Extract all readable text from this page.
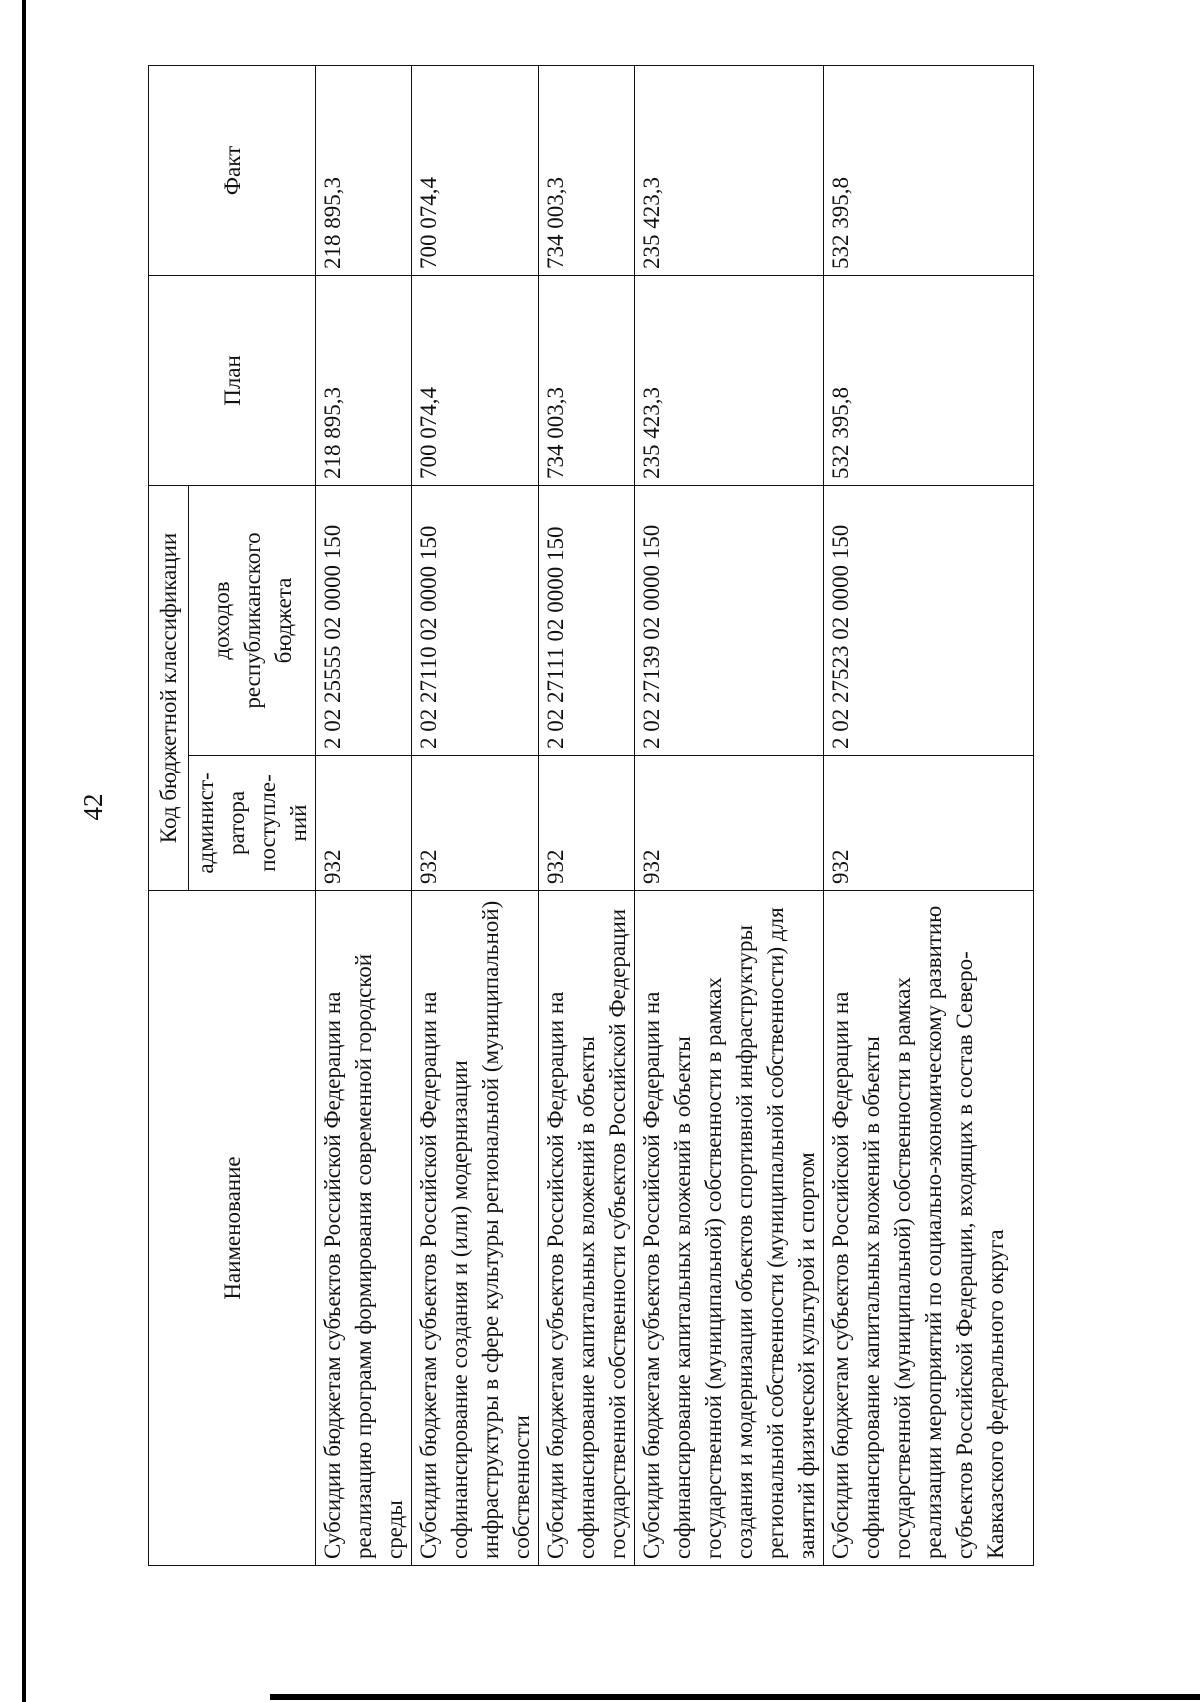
42
Наименование	Код бюджетной классификации		План	Факт
	админист- ратора поступле- ний	доходов республиканского бюджета		
Субсидии бюджетам субъектов Российской Федерации на реализацию программ формирования современной городской среды	932	2 02 25555 02 0000 150	218 895,3	218 895,3
Субсидии бюджетам субъектов Российской Федерации на софинансирование создания и (или) модернизации инфраструктуры в сфере культуры региональной (муниципальной) собственности	932	2 02 27110 02 0000 150	700 074,4	700 074,4
Субсидии бюджетам субъектов Российской Федерации на софинансирование капитальных вложений в объекты государственной собственности субъектов Российской Федерации	932	2 02 27111 02 0000 150	734 003,3	734 003,3
Субсидии бюджетам субъектов Российской Федерации на софинансирование капитальных вложений в объекты государственной (муниципальной) собственности в рамках создания и модернизации объектов спортивной инфраструктуры региональной собственности (муниципальной собственности) для занятий физической культурой и спортом	932	2 02 27139 02 0000 150	235 423,3	235 423,3
Субсидии бюджетам субъектов Российской Федерации на софинансирование капитальных вложений в объекты государственной (муниципальной) собственности в рамках реализации мероприятий по социально-экономическому развитию субъектов Российской Федерации, входящих в состав Северо-Кавказского федерального округа	932	2 02 27523 02 0000 150	532 395,8	532 395,8
